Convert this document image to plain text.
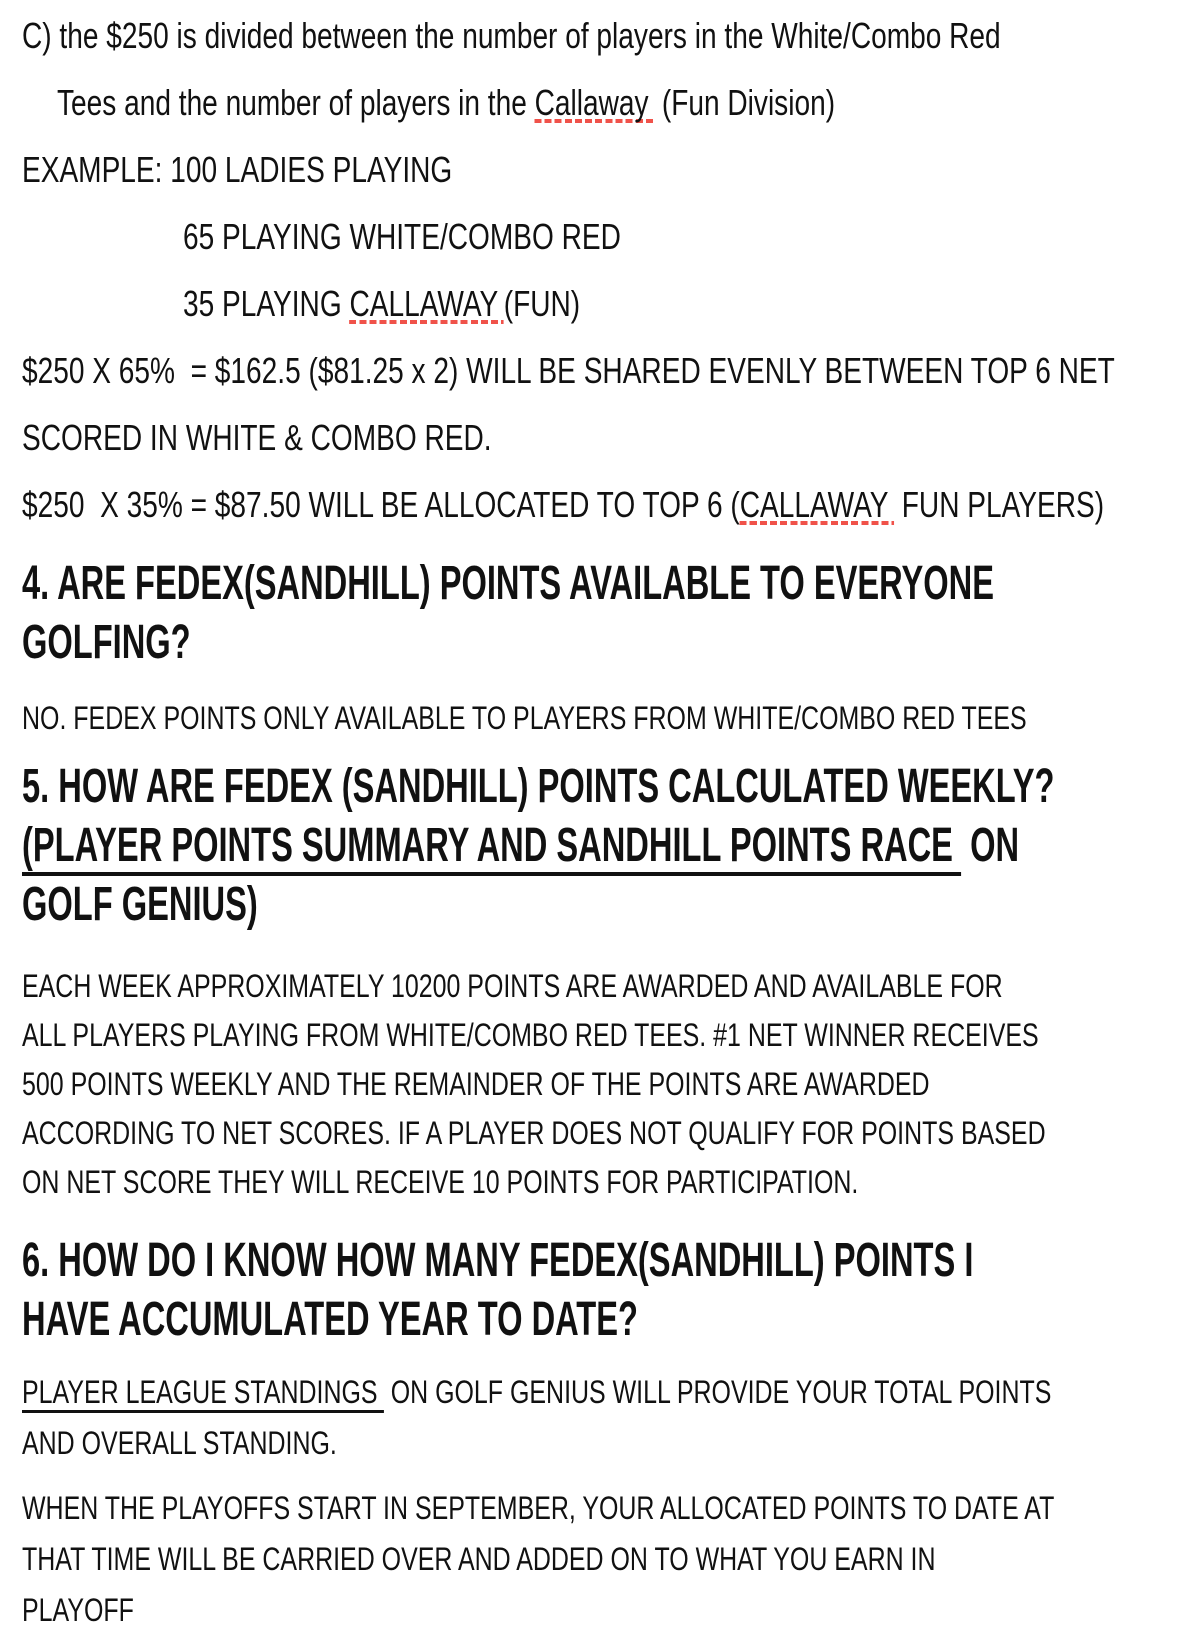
C) the $250 is divided between the number of players in the White/Combo Red
Tees and the number of players in the Callaway (Fun Division)
EXAMPLE: 100 LADIES PLAYING
65 PLAYING WHITE/COMBO RED
35 PLAYING CALLAWAY (FUN)
$250 X 65%  = $162.5 ($81.25 x 2) WILL BE SHARED EVENLY BETWEEN TOP 6 NET
SCORED IN WHITE & COMBO RED.
$250  X 35% = $87.50 WILL BE ALLOCATED TO TOP 6 (CALLAWAY FUN PLAYERS)
4. ARE FEDEX(SANDHILL) POINTS AVAILABLE TO EVERYONE
GOLFING?
NO. FEDEX POINTS ONLY AVAILABLE TO PLAYERS FROM WHITE/COMBO RED TEES
5. HOW ARE FEDEX (SANDHILL) POINTS CALCULATED WEEKLY?
(PLAYER POINTS SUMMARY AND SANDHILL POINTS RACE ON
GOLF GENIUS)
EACH WEEK APPROXIMATELY 10200 POINTS ARE AWARDED AND AVAILABLE FOR
ALL PLAYERS PLAYING FROM WHITE/COMBO RED TEES. #1 NET WINNER RECEIVES
500 POINTS WEEKLY AND THE REMAINDER OF THE POINTS ARE AWARDED
ACCORDING TO NET SCORES. IF A PLAYER DOES NOT QUALIFY FOR POINTS BASED
ON NET SCORE THEY WILL RECEIVE 10 POINTS FOR PARTICIPATION.
6. HOW DO I KNOW HOW MANY FEDEX(SANDHILL) POINTS I
HAVE ACCUMULATED YEAR TO DATE?
PLAYER LEAGUE STANDINGS ON GOLF GENIUS WILL PROVIDE YOUR TOTAL POINTS
AND OVERALL STANDING.
WHEN THE PLAYOFFS START IN SEPTEMBER, YOUR ALLOCATED POINTS TO DATE AT
THAT TIME WILL BE CARRIED OVER AND ADDED ON TO WHAT YOU EARN IN
PLAYOFF
